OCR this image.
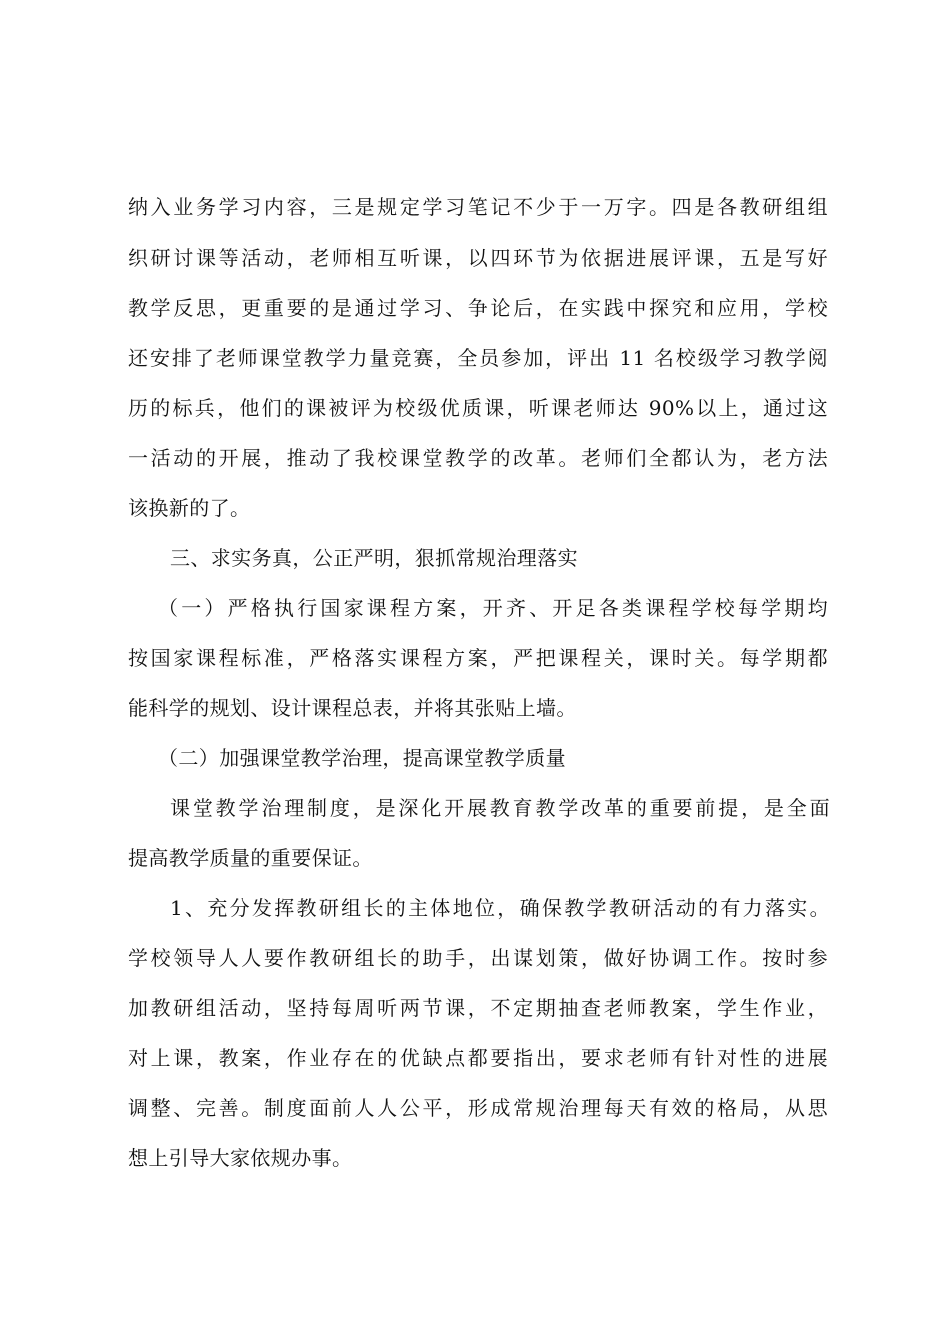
纳入业务学习内容，三是规定学习笔记不少于一万字。四是各教研组组
织研讨课等活动，老师相互听课，以四环节为依据进展评课，五是写好
教学反思，更重要的是通过学习、争论后，在实践中探究和应用，学校
还安排了老师课堂教学力量竞赛，全员参加，评出 11 名校级学习教学阅
历的标兵，他们的课被评为校级优质课，听课老师达 90%以上，通过这
一活动的开展，推动了我校课堂教学的改革。老师们全都认为，老方法
该换新的了。
三、求实务真，公正严明，狠抓常规治理落实
（一）严格执行国家课程方案，开齐、开足各类课程学校每学期均
按国家课程标准，严格落实课程方案，严把课程关，课时关。每学期都
能科学的规划、设计课程总表，并将其张贴上墙。
（二）加强课堂教学治理，提高课堂教学质量
课堂教学治理制度，是深化开展教育教学改革的重要前提，是全面
提高教学质量的重要保证。
1、充分发挥教研组长的主体地位，确保教学教研活动的有力落实。
学校领导人人要作教研组长的助手，出谋划策，做好协调工作。按时参
加教研组活动，坚持每周听两节课，不定期抽查老师教案，学生作业，
对上课，教案，作业存在的优缺点都要指出，要求老师有针对性的进展
调整、完善。制度面前人人公平，形成常规治理每天有效的格局，从思
想上引导大家依规办事。
